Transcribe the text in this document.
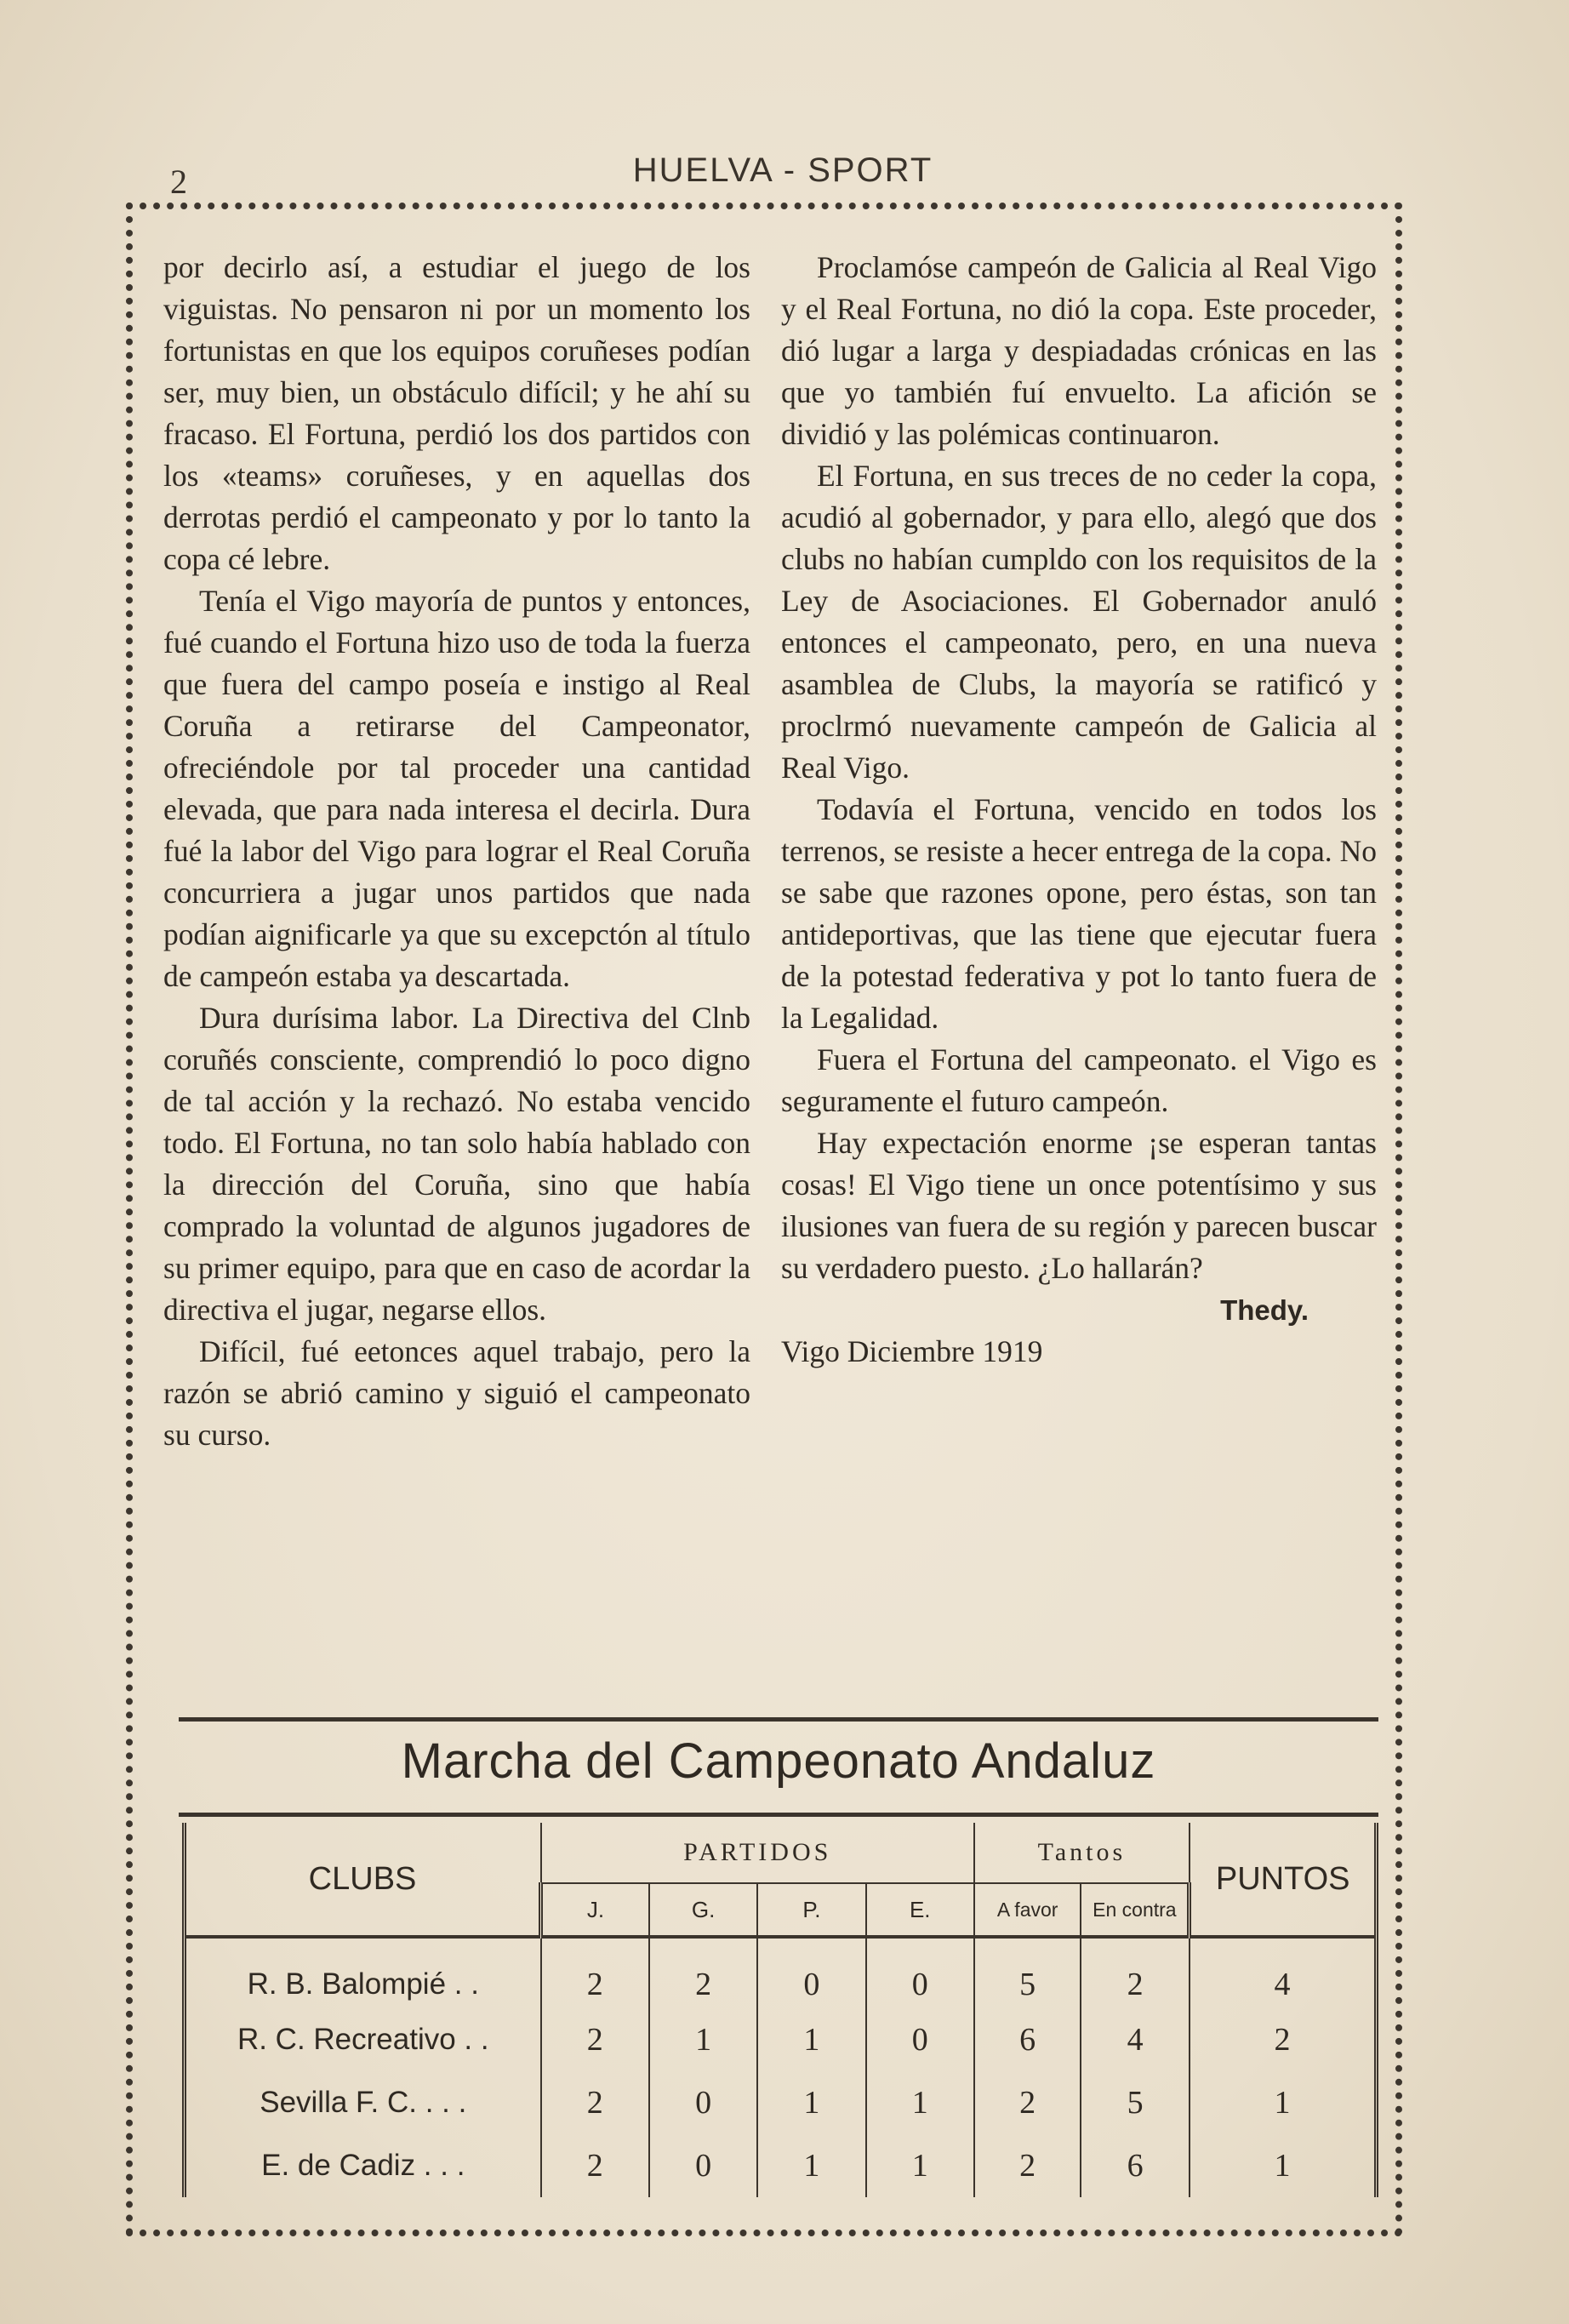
2	HUELVA - SPORT

por decirlo así, a estudiar el juego de los viguistas. No pensaron ni por un momento los fortunistas en que los equipos coruñeses podían ser, muy bien, un obstáculo difícil; y he ahí su fracaso. El Fortuna, perdió los dos partidos con los «teams» coruñeses, y en aquellas dos derrotas perdió el campeonato y por lo tanto la copa cé lebre.

Tenía el Vigo mayoría de puntos y entonces, fué cuando el Fortuna hizo uso de toda la fuerza que fuera del campo poseía e instigo al Real Coruña a retirarse del Campeonator, ofreciéndole por tal proceder una cantidad elevada, que para nada interesa el decirla. Dura fué la labor del Vigo para lograr el Real Coruña concurriera a jugar unos partidos que nada podían aignificarle ya que su excepctón al título de campeón estaba ya descartada.

Dura durísima labor. La Directiva del Clnb coruñés consciente, comprendió lo poco digno de tal acción y la rechazó. No estaba vencido todo. El Fortuna, no tan solo había hablado con la dirección del Coruña, sino que había comprado la voluntad de algunos jugadores de su primer equipo, para que en caso de acordar la directiva el jugar, negarse ellos.

Difícil, fué eetonces aquel trabajo, pero la razón se abrió camino y siguió el campeonato su curso.

Proclamóse campeón de Galicia al Real Vigo y el Real Fortuna, no dió la copa. Este proceder, dió lugar a larga y despiadadas crónicas en las que yo también fuí envuelto. La afición se dividió y las polémicas continuaron.

El Fortuna, en sus treces de no ceder la copa, acudió al gobernador, y para ello, alegó que dos clubs no habían cumpldo con los requisitos de la Ley de Asociaciones. El Gobernador anuló entonces el campeonato, pero, en una nueva asamblea de Clubs, la mayoría se ratificó y proclrmó nuevamente campeón de Galicia al Real Vigo.

Todavía el Fortuna, vencido en todos los terrenos, se resiste a hecer entrega de la copa. No se sabe que razones opone, pero éstas, son tan antideportivas, que las tiene que ejecutar fuera de la potestad federativa y pot lo tanto fuera de la Legalidad.

Fuera el Fortuna del campeonato. el Vigo es seguramente el futuro campeón.

Hay expectación enorme ¡se esperan tantas cosas! El Vigo tiene un once potentísimo y sus ilusiones van fuera de su región y parecen buscar su verdadero puesto. ¿Lo hallarán?

Thedy.

Vigo Diciembre 1919

Marcha del Campeonato Andaluz
CLUBS	PARTIDOS				Tantos		PUNTOS
	J.	G.	P.	E.	A favor	En contra	
R. B. Balompié . .	2	2	0	0	5	2	4
R. C. Recreativo . .	2	1	1	0	6	4	2
Sevilla F. C. . . .	2	0	1	1	2	5	1
E. de Cadiz . . .	2	0	1	1	2	6	1
